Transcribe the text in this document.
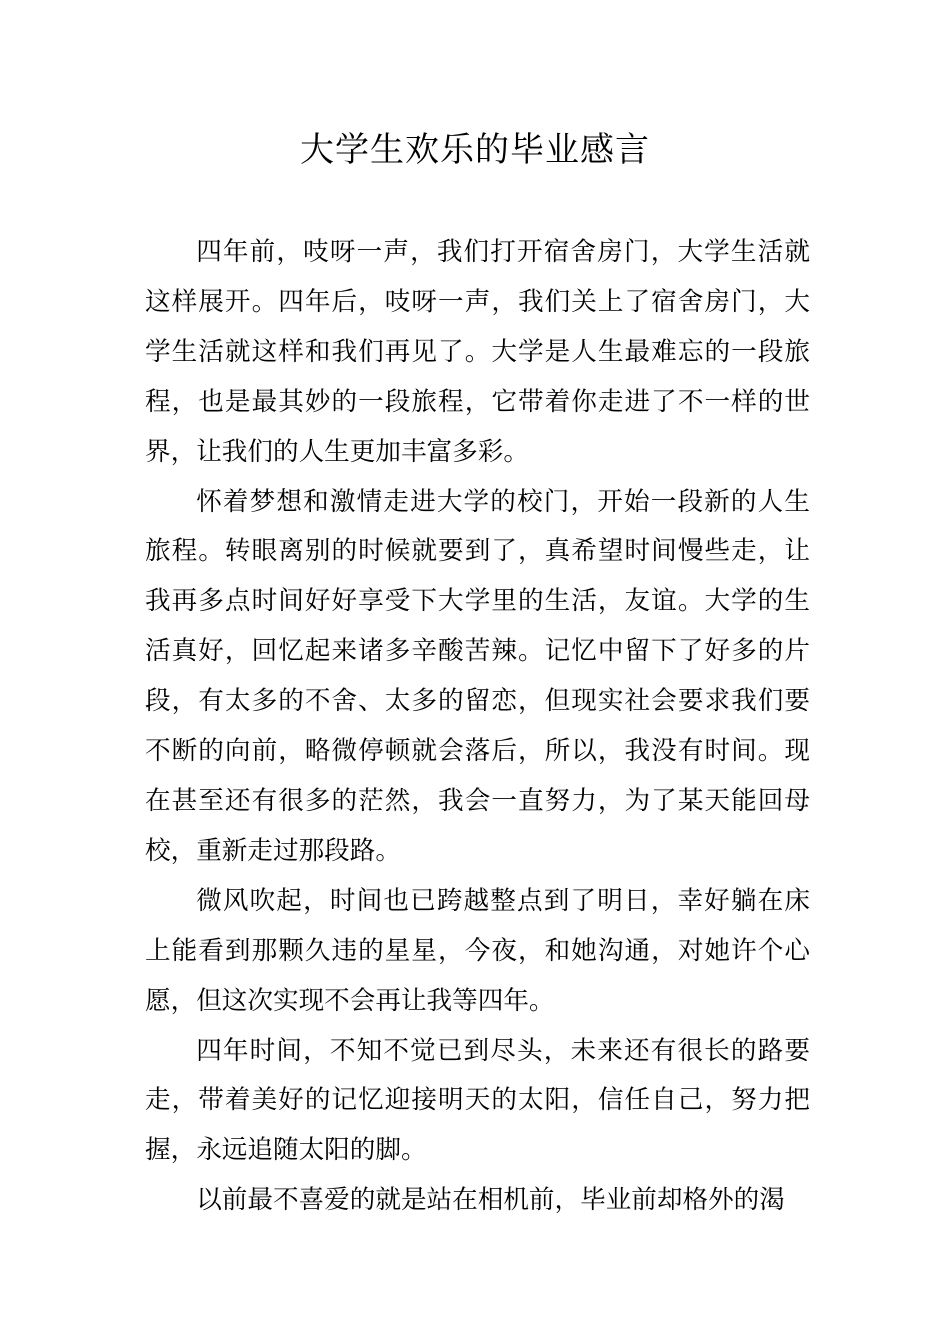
大学生欢乐的毕业感言

四年前，吱呀一声，我们打开宿舍房门，大学生活就这样展开。四年后，吱呀一声，我们关上了宿舍房门，大学生活就这样和我们再见了。大学是人生最难忘的一段旅程，也是最其妙的一段旅程，它带着你走进了不一样的世界，让我们的人生更加丰富多彩。

怀着梦想和激情走进大学的校门，开始一段新的人生旅程。转眼离别的时候就要到了，真希望时间慢些走，让我再多点时间好好享受下大学里的生活，友谊。大学的生活真好，回忆起来诸多辛酸苦辣。记忆中留下了好多的片段，有太多的不舍、太多的留恋，但现实社会要求我们要不断的向前，略微停顿就会落后，所以，我没有时间。现在甚至还有很多的茫然，我会一直努力，为了某天能回母校，重新走过那段路。

微风吹起，时间也已跨越整点到了明日，幸好躺在床上能看到那颗久违的星星，今夜，和她沟通，对她许个心愿，但这次实现不会再让我等四年。

四年时间，不知不觉已到尽头，未来还有很长的路要走，带着美好的记忆迎接明天的太阳，信任自己，努力把握，永远追随太阳的脚。

以前最不喜爱的就是站在相机前，毕业前却格外的渴
